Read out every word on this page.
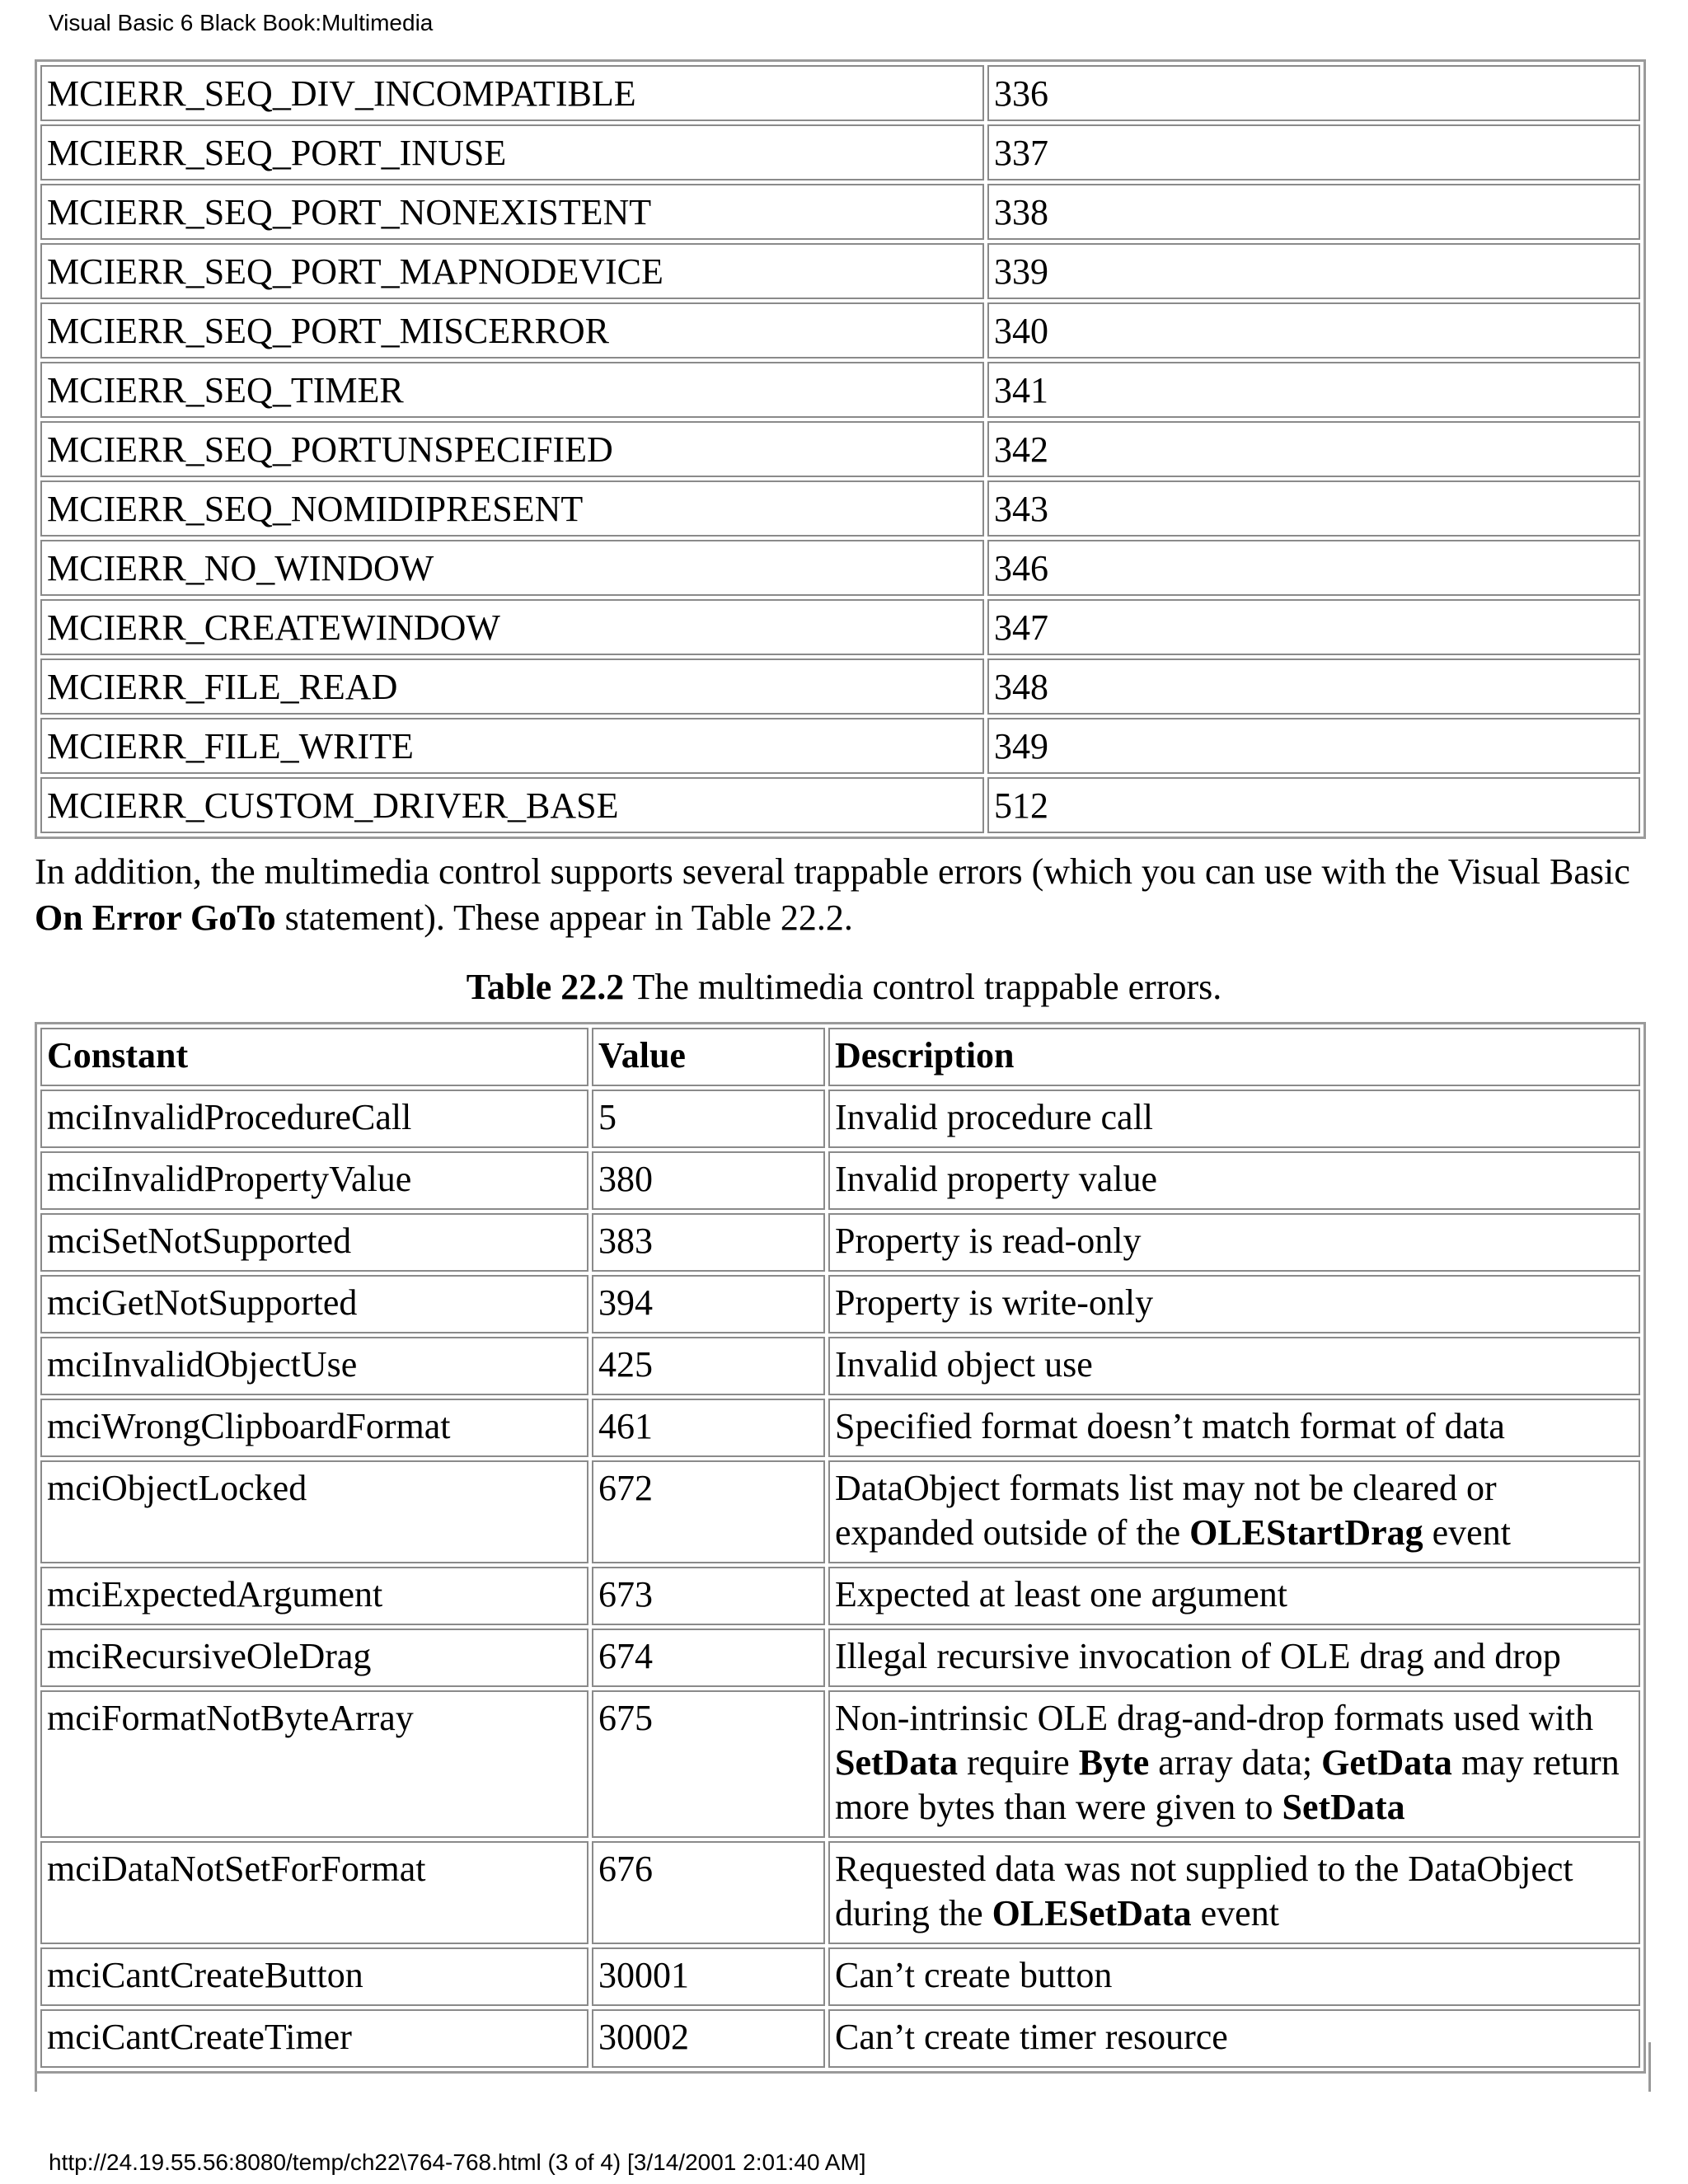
Visual Basic 6 Black Book:Multimedia
MCIERR_SEQ_DIV_INCOMPATIBLE	336
MCIERR_SEQ_PORT_INUSE	337
MCIERR_SEQ_PORT_NONEXISTENT	338
MCIERR_SEQ_PORT_MAPNODEVICE	339
MCIERR_SEQ_PORT_MISCERROR	340
MCIERR_SEQ_TIMER	341
MCIERR_SEQ_PORTUNSPECIFIED	342
MCIERR_SEQ_NOMIDIPRESENT	343
MCIERR_NO_WINDOW	346
MCIERR_CREATEWINDOW	347
MCIERR_FILE_READ	348
MCIERR_FILE_WRITE	349
MCIERR_CUSTOM_DRIVER_BASE	512

In addition, the multimedia control supports several trappable errors (which you can use with the Visual Basic On Error GoTo statement). These appear in Table 22.2.

Table 22.2 The multimedia control trappable errors.
Constant	Value	Description
mciInvalidProcedureCall	5	Invalid procedure call
mciInvalidPropertyValue	380	Invalid property value
mciSetNotSupported	383	Property is read-only
mciGetNotSupported	394	Property is write-only
mciInvalidObjectUse	425	Invalid object use
mciWrongClipboardFormat	461	Specified format doesn’t match format of data
mciObjectLocked	672	DataObject formats list may not be cleared or expanded outside of the OLEStartDrag event
mciExpectedArgument	673	Expected at least one argument
mciRecursiveOleDrag	674	Illegal recursive invocation of OLE drag and drop
mciFormatNotByteArray	675	Non-intrinsic OLE drag-and-drop formats used with SetData require Byte array data; GetData may return more bytes than were given to SetData
mciDataNotSetForFormat	676	Requested data was not supplied to the DataObject during the OLESetData event
mciCantCreateButton	30001	Can’t create button
mciCantCreateTimer	30002	Can’t create timer resource
http://24.19.55.56:8080/temp/ch22\764-768.html (3 of 4) [3/14/2001 2:01:40 AM]
